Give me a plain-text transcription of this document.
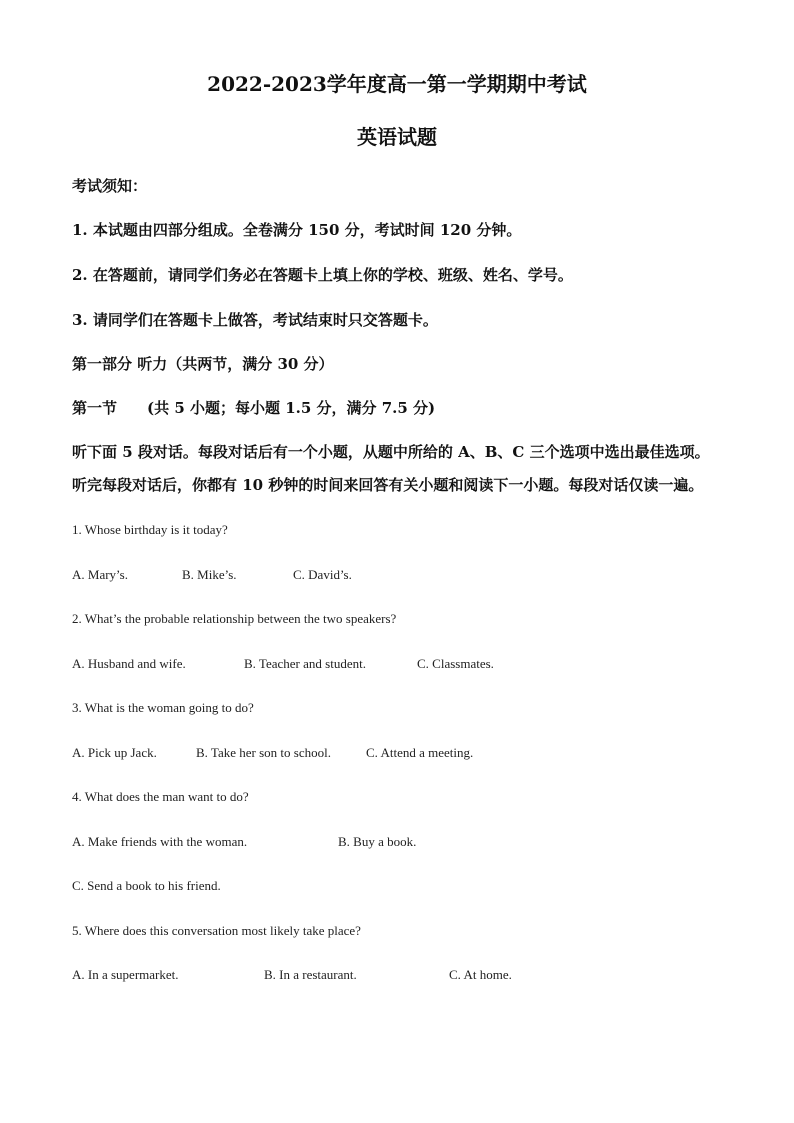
2022-2023学年度高一第一学期期中考试
英语试题
考试须知：
1. 本试题由四部分组成。全卷满分 150 分，考试时间 120 分钟。
2. 在答题前，请同学们务必在答题卡上填上你的学校、班级、姓名、学号。
3. 请同学们在答题卡上做答，考试结束时只交答题卡。
第一部分 听力（共两节，满分 30 分）
第一节 (共 5 小题；每小题 1.5 分，满分 7.5 分)
听下面 5 段对话。每段对话后有一个小题，从题中所给的 A、B、C 三个选项中选出最佳选项。
听完每段对话后，你都有 10 秒钟的时间来回答有关小题和阅读下一小题。每段对话仅读一遍。
1. Whose birthday is it today?
A. Mary’s.	B. Mike’s.	C. David’s.
2. What’s the probable relationship between the two speakers?
A. Husband and wife.	B. Teacher and student.	C. Classmates.
3. What is the woman going to do?
A. Pick up Jack.	B. Take her son to school.	C. Attend a meeting.
4. What does the man want to do?
A. Make friends with the woman.	B. Buy a book.
C. Send a book to his friend.
5. Where does this conversation most likely take place?
A. In a supermarket.	B. In a restaurant.	C. At home.
